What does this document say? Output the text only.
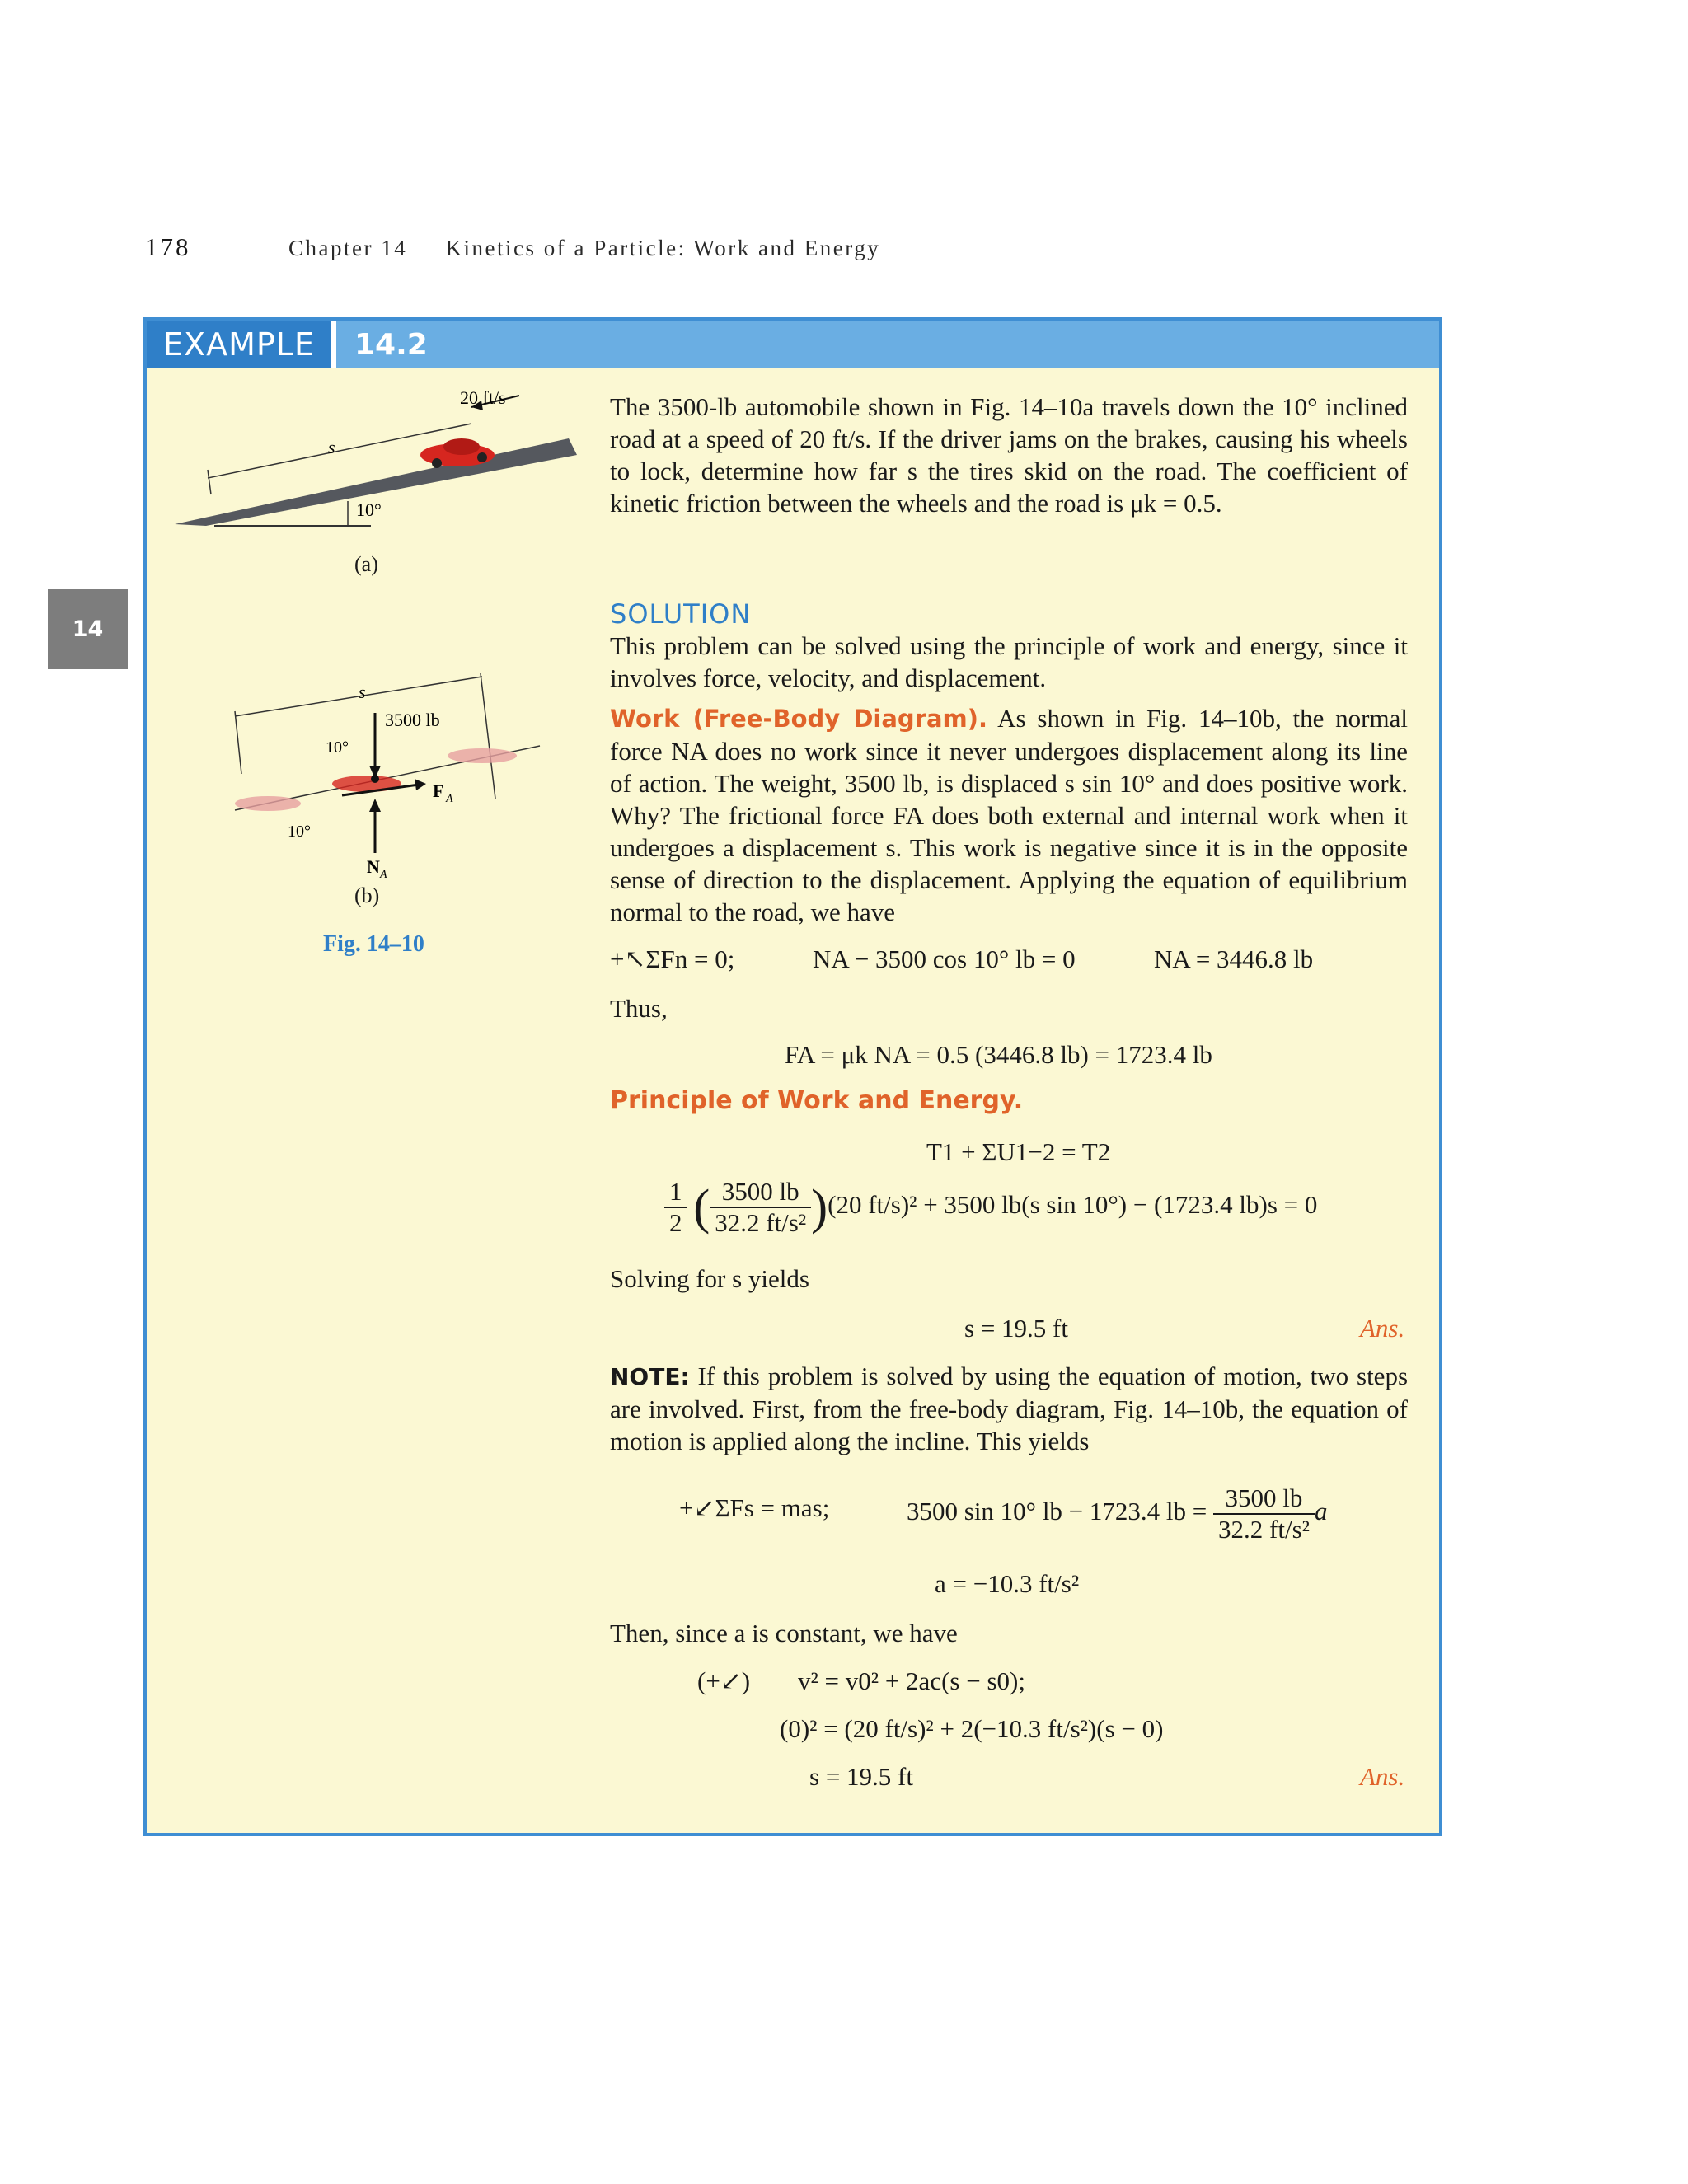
178	Chapter 14 Kinetics of a Particle: Work and Energy
14
EXAMPLE	14.2
s
20 ft/s
10°
(a)
s
3500 lb
F A
N A
10°
10°
(b)
Fig. 14–10
The 3500-lb automobile shown in Fig. 14–10a travels down the 10° inclined road at a speed of 20 ft/s. If the driver jams on the brakes, causing his wheels to lock, determine how far s the tires skid on the road. The coefficient of kinetic friction between the wheels and the road is μk = 0.5.
SOLUTION
This problem can be solved using the principle of work and energy, since it involves force, velocity, and displacement.
Work (Free-Body Diagram). As shown in Fig. 14–10b, the normal force NA does no work since it never undergoes displacement along its line of action. The weight, 3500 lb, is displaced s sin 10° and does positive work. Why? The frictional force FA does both external and internal work when it undergoes a displacement s. This work is negative since it is in the opposite sense of direction to the displacement. Applying the equation of equilibrium normal to the road, we have
+↖ΣFn = 0;	NA − 3500 cos 10° lb = 0	NA = 3446.8 lb
Thus,
FA = μk NA = 0.5 (3446.8 lb) = 1723.4 lb
Principle of Work and Energy.
T1 + ΣU1−2 = T2
$\frac{1}{2}$ ( $\frac{3500 lb}{\text{32.2 ft/s²}} )(20$ ft/s)² + 3500 lb(s sin 10°) − (1723.4 lb)s = 0
Solving for s yields
s = 19.5 ft	Ans.
NOTE: If this problem is solved by using the equation of motion, two steps are involved. First, from the free-body diagram, Fig. 14–10b, the equation of motion is applied along the incline. This yields
+↙ΣFs = mas;	3500 sin 10° lb − 1723.4 lb = $\frac{3500 lb}{\text{32.2 ft/s²}}$ a
a = −10.3 ft/s²
Then, since a is constant, we have
(+↙) v² = v0² + 2ac(s − s0);
(0)² = (20 ft/s)² + 2(−10.3 ft/s²)(s − 0)
s = 19.5 ft	Ans.
